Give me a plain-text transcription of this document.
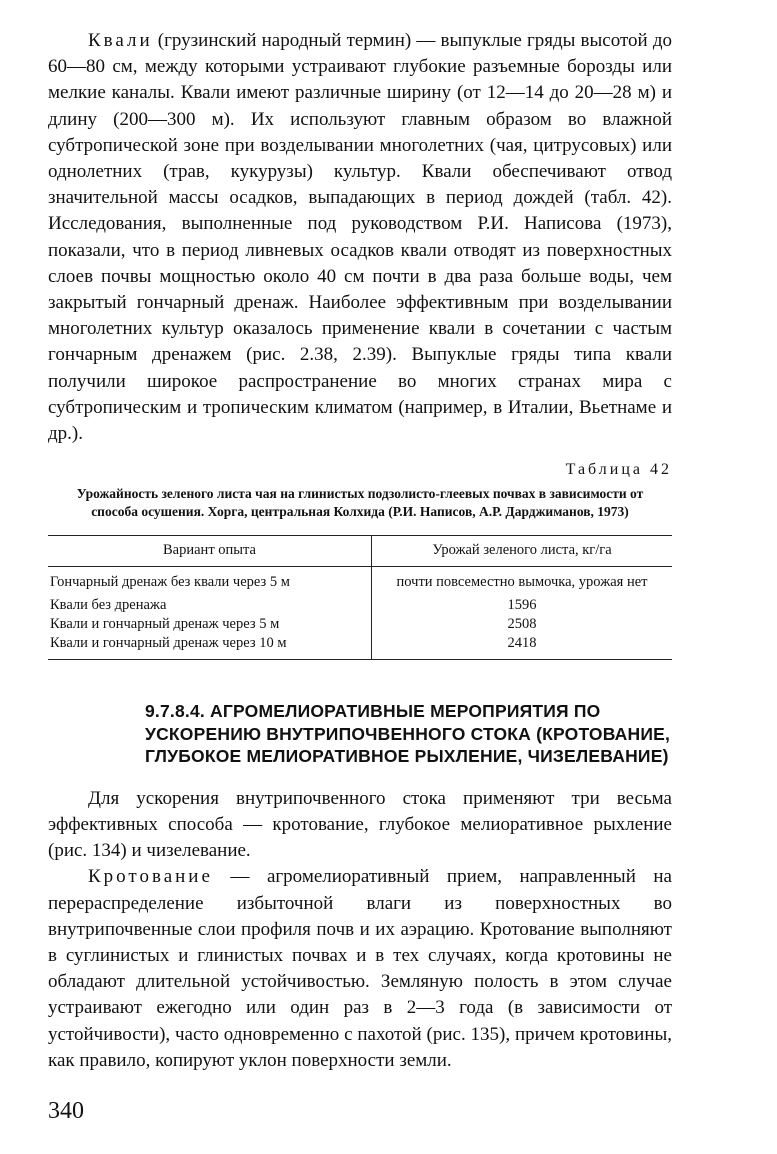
Квали (грузинский народный термин) — выпуклые гряды высотой до 60—80 см, между которыми устраивают глубокие разъемные борозды или мелкие каналы. Квали имеют различные ширину (от 12—14 до 20—28 м) и длину (200—300 м). Их используют главным образом во влажной субтропической зоне при возделывании многолетних (чая, цитрусовых) или однолетних (трав, кукурузы) культур. Квали обеспечивают отвод значительной массы осадков, выпадающих в период дождей (табл. 42). Исследования, выполненные под руководством Р.И. Написова (1973), показали, что в период ливневых осадков квали отводят из поверхностных слоев почвы мощностью около 40 см почти в два раза больше воды, чем закрытый гончарный дренаж. Наиболее эффективным при возделывании многолетних культур оказалось применение квали в сочетании с частым гончарным дренажем (рис. 2.38, 2.39). Выпуклые гряды типа квали получили широкое распространение во многих странах мира с субтропическим и тропическим климатом (например, в Италии, Вьетнаме и др.).

Таблица 42
Урожайность зеленого листа чая на глинистых подзолисто-глеевых почвах в зависимости от способа осушения. Хорга, центральная Колхида (Р.И. Написов, А.Р. Дарджиманов, 1973)
Вариант опыта	Урожай зеленого листа, кг/га
Гончарный дренаж без квали через 5 м	почти повсеместно вымочка, урожая нет
Квали без дренажа	1596
Квали и гончарный дренаж через 5 м	2508
Квали и гончарный дренаж через 10 м	2418
9.7.8.4. АГРОМЕЛИОРАТИВНЫЕ МЕРОПРИЯТИЯ ПО УСКОРЕНИЮ ВНУТРИПОЧВЕННОГО СТОКА (КРОТОВАНИЕ, ГЛУБОКОЕ МЕЛИОРАТИВНОЕ РЫХЛЕНИЕ, ЧИЗЕЛЕВАНИЕ)

Для ускорения внутрипочвенного стока применяют три весьма эффективных способа — кротование, глубокое мелиоративное рыхление (рис. 134) и чизелевание.

Кротование — агромелиоративный прием, направленный на перераспределение избыточной влаги из поверхностных во внутрипочвенные слои профиля почв и их аэрацию. Кротование выполняют в суглинистых и глинистых почвах и в тех случаях, когда кротовины не обладают длительной устойчивостью. Земляную полость в этом случае устраивают ежегодно или один раз в 2—3 года (в зависимости от устойчивости), часто одновременно с пахотой (рис. 135), причем кротовины, как правило, копируют уклон поверхности земли.

340
